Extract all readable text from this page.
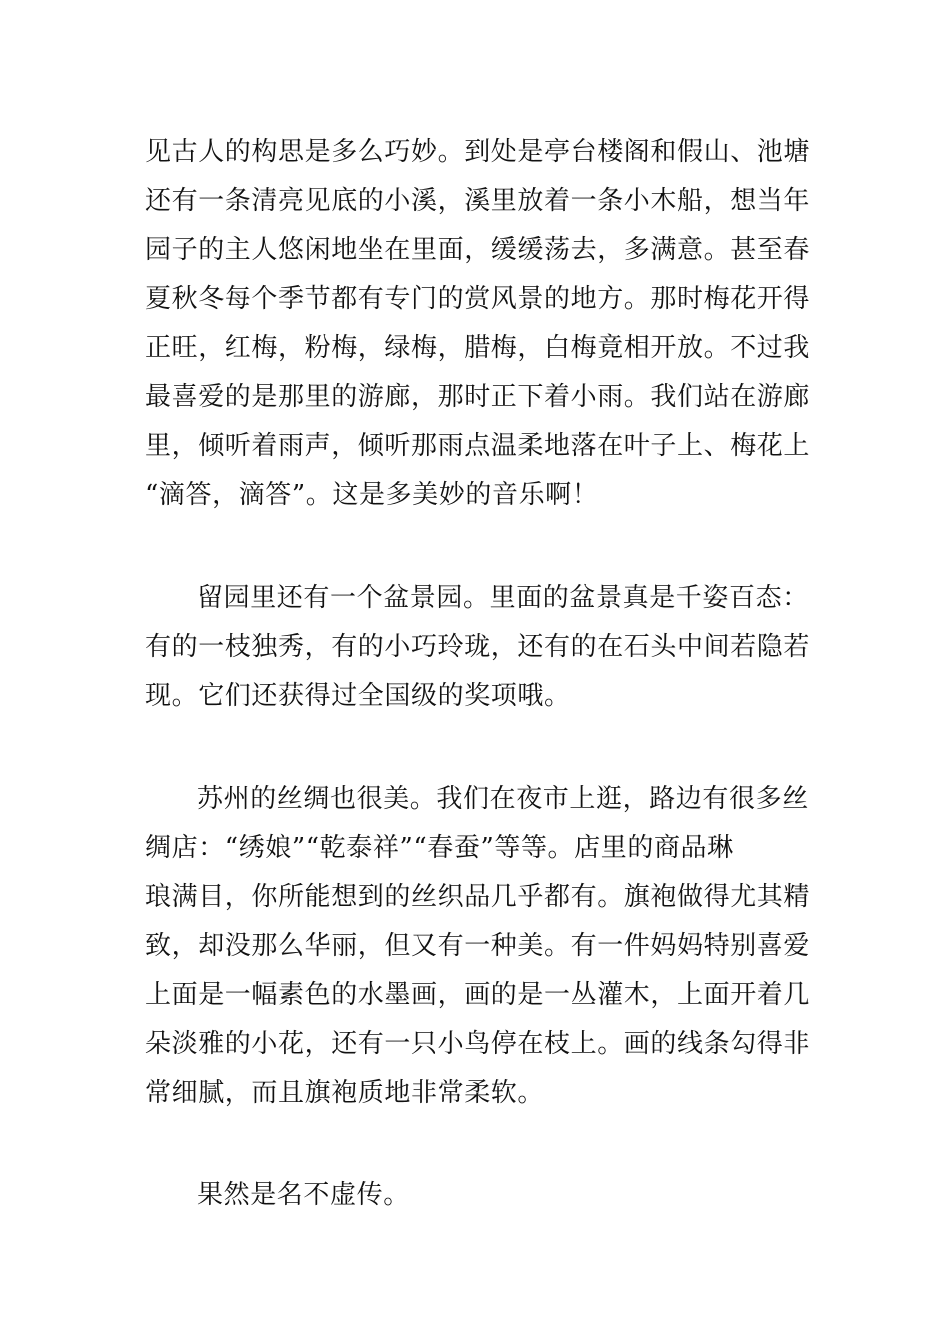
见古人的构思是多么巧妙。到处是亭台楼阁和假山、池塘
还有一条清亮见底的小溪，溪里放着一条小木船，想当年
园子的主人悠闲地坐在里面，缓缓荡去，多满意。甚至春
夏秋冬每个季节都有专门的赏风景的地方。那时梅花开得
正旺，红梅，粉梅，绿梅，腊梅，白梅竟相开放。不过我
最喜爱的是那里的游廊，那时正下着小雨。我们站在游廊
里，倾听着雨声，倾听那雨点温柔地落在叶子上、梅花上
“滴答，滴答”。这是多美妙的音乐啊！
留园里还有一个盆景园。里面的盆景真是千姿百态：
有的一枝独秀，有的小巧玲珑，还有的在石头中间若隐若
现。它们还获得过全国级的奖项哦。
苏州的丝绸也很美。我们在夜市上逛，路边有很多丝
绸店：“绣娘”“乾泰祥”“春蚕”等等。店里的商品琳
琅满目，你所能想到的丝织品几乎都有。旗袍做得尤其精
致，却没那么华丽，但又有一种美。有一件妈妈特别喜爱
上面是一幅素色的水墨画，画的是一丛灌木，上面开着几
朵淡雅的小花，还有一只小鸟停在枝上。画的线条勾得非
常细腻，而且旗袍质地非常柔软。
果然是名不虚传。
